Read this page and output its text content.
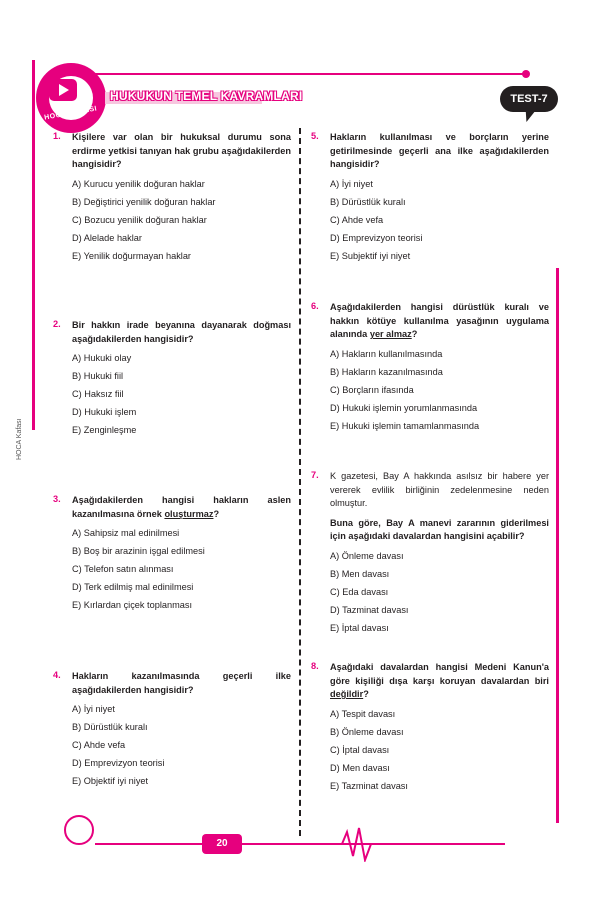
HOCA KAFASI
HUKUKUN TEMEL KAVRAMLARI	TEST-7
HOCA Kafası
1. Kişilere var olan bir hukuksal durumu sona erdirme yetkisi tanıyan hak grubu aşağıdakilerden hangisidir?
A) Kurucu yenilik doğuran haklar
B) Değiştirici yenilik doğuran haklar
C) Bozucu yenilik doğuran haklar
D) Alelade haklar
E) Yenilik doğurmayan haklar
2. Bir hakkın irade beyanına dayanarak doğması aşağıdakilerden hangisidir?
A) Hukuki olay
B) Hukuki fiil
C) Haksız fiil
D) Hukuki işlem
E) Zenginleşme
3. Aşağıdakilerden hangisi hakların aslen kazanılmasına örnek oluşturmaz?
A) Sahipsiz mal edinilmesi
B) Boş bir arazinin işgal edilmesi
C) Telefon satın alınması
D) Terk edilmiş mal edinilmesi
E) Kırlardan çiçek toplanması
4. Hakların kazanılmasında geçerli ilke aşağıdakilerden hangisidir?
A) İyi niyet
B) Dürüstlük kuralı
C) Ahde vefa
D) Emprevizyon teorisi
E) Objektif iyi niyet
5. Hakların kullanılması ve borçların yerine getirilmesinde geçerli ana ilke aşağıdakilerden hangisidir?
A) İyi niyet
B) Dürüstlük kuralı
C) Ahde vefa
D) Emprevizyon teorisi
E) Subjektif iyi niyet
6. Aşağıdakilerden hangisi dürüstlük kuralı ve hakkın kötüye kullanılma yasağının uygulama alanında yer almaz?
A) Hakların kullanılmasında
B) Hakların kazanılmasında
C) Borçların ifasında
D) Hukuki işlemin yorumlanmasında
E) Hukuki işlemin tamamlanmasında
7. K gazetesi, Bay A hakkında asılsız bir habere yer vererek evlilik birliğinin zedelenmesine neden olmuştur.
Buna göre, Bay A manevi zararının giderilmesi için aşağıdaki davalardan hangisini açabilir?
A) Önleme davası
B) Men davası
C) Eda davası
D) Tazminat davası
E) İptal davası
8. Aşağıdaki davalardan hangisi Medeni Kanun'a göre kişiliği dışa karşı koruyan davalardan biri değildir?
A) Tespit davası
B) Önleme davası
C) İptal davası
D) Men davası
E) Tazminat davası
20
